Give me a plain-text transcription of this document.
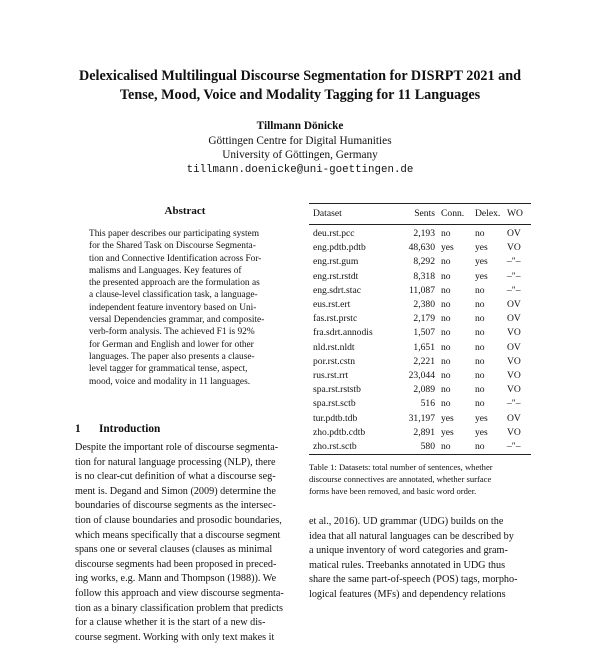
Delexicalised Multilingual Discourse Segmentation for DISRPT 2021 and
Tense, Mood, Voice and Modality Tagging for 11 Languages
Tillmann Dönicke
Göttingen Centre for Digital Humanities
University of Göttingen, Germany
tillmann.doenicke@uni-goettingen.de
Abstract
This paper describes our participating system
for the Shared Task on Discourse Segmenta-
tion and Connective Identification across For-
malisms and Languages. Key features of
the presented approach are the formulation as
a clause-level classification task, a language-
independent feature inventory based on Uni-
versal Dependencies grammar, and composite-
verb-form analysis. The achieved F1 is 92%
for German and English and lower for other
languages. The paper also presents a clause-
level tagger for grammatical tense, aspect,
mood, voice and modality in 11 languages.
1 Introduction
Despite the important role of discourse segmenta-
tion for natural language processing (NLP), there
is no clear-cut definition of what a discourse seg-
ment is. Degand and Simon (2009) determine the
boundaries of discourse segments as the intersec-
tion of clause boundaries and prosodic boundaries,
which means specifically that a discourse segment
spans one or several clauses (clauses as minimal
discourse segments had been proposed in preced-
ing works, e.g. Mann and Thompson (1988)). We
follow this approach and view discourse segmenta-
tion as a binary classification problem that predicts
for a clause whether it is the start of a new dis-
course segment. Working with only text makes it
Dataset	Sents	Conn.	Delex.	WO
deu.rst.pcc	2,193	no	no	OV
eng.pdtb.pdtb	48,630	yes	yes	VO
eng.rst.gum	8,292	no	yes	–"–
eng.rst.rstdt	8,318	no	yes	–"–
eng.sdrt.stac	11,087	no	no	–"–
eus.rst.ert	2,380	no	no	OV
fas.rst.prstc	2,179	no	no	OV
fra.sdrt.annodis	1,507	no	no	VO
nld.rst.nldt	1,651	no	no	OV
por.rst.cstn	2,221	no	no	VO
rus.rst.rrt	23,044	no	no	VO
spa.rst.rststb	2,089	no	no	VO
spa.rst.sctb	516	no	no	–"–
tur.pdtb.tdb	31,197	yes	yes	OV
zho.pdtb.cdtb	2,891	yes	yes	VO
zho.rst.sctb	580	no	no	–"–
Table 1: Datasets: total number of sentences, whether
discourse connectives are annotated, whether surface
forms have been removed, and basic word order.
et al., 2016). UD grammar (UDG) builds on the
idea that all natural languages can be described by
a unique inventory of word categories and gram-
matical rules. Treebanks annotated in UDG thus
share the same part-of-speech (POS) tags, morpho-
logical features (MFs) and dependency relations
